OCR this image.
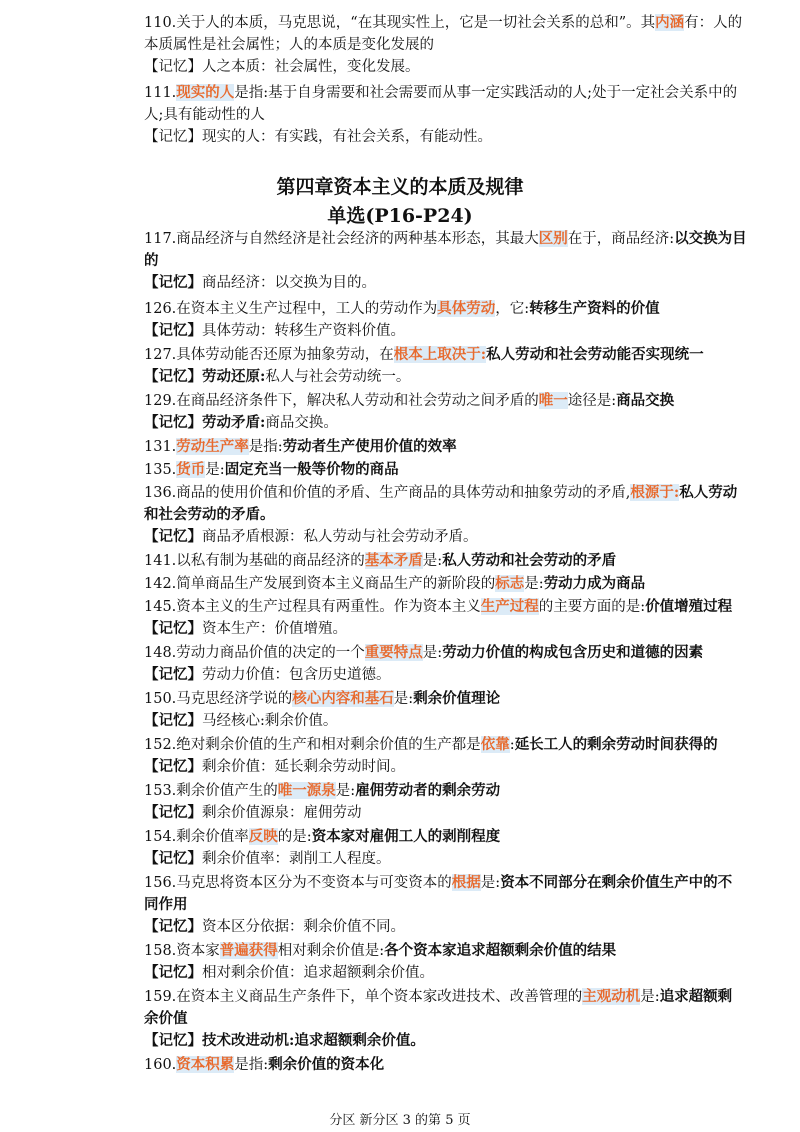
110.关于人的本质，马克思说，“在其现实性上，它是一切社会关系的总和”。其内涵有：人的
本质属性是社会属性；人的本质是变化发展的
【记忆】人之本质：社会属性，变化发展。
111.现实的人是指:基于自身需要和社会需要而从事一定实践活动的人;处于一定社会关系中的
人;具有能动性的人
【记忆】现实的人：有实践，有社会关系，有能动性。
第四章资本主义的本质及规律
单选(P16-P24)
117.商品经济与自然经济是社会经济的两种基本形态，其最大区别在于，商品经济:以交换为目
的
【记忆】商品经济：以交换为目的。
126.在资本主义生产过程中，工人的劳动作为具体劳动，它:转移生产资料的价值
【记忆】具体劳动：转移生产资料价值。
127.具体劳动能否还原为抽象劳动，在根本上取决于:私人劳动和社会劳动能否实现统一
【记忆】劳动还原:私人与社会劳动统一。
129.在商品经济条件下，解决私人劳动和社会劳动之间矛盾的唯一途径是:商品交换
【记忆】劳动矛盾:商品交换。
131.劳动生产率是指:劳动者生产使用价值的效率
135.货币是:固定充当一般等价物的商品
136.商品的使用价值和价值的矛盾、生产商品的具体劳动和抽象劳动的矛盾,根源于:私人劳动
和社会劳动的矛盾。
【记忆】商品矛盾根源：私人劳动与社会劳动矛盾。
141.以私有制为基础的商品经济的基本矛盾是:私人劳动和社会劳动的矛盾
142.简单商品生产发展到资本主义商品生产的新阶段的标志是:劳动力成为商品
145.资本主义的生产过程具有两重性。作为资本主义生产过程的主要方面的是:价值增殖过程
【记忆】资本生产：价值增殖。
148.劳动力商品价值的决定的一个重要特点是:劳动力价值的构成包含历史和道德的因素
【记忆】劳动力价值：包含历史道德。
150.马克思经济学说的核心内容和基石是:剩余价值理论
【记忆】马经核心:剩余价值。
152.绝对剩余价值的生产和相对剩余价值的生产都是依靠:延长工人的剩余劳动时间获得的
【记忆】剩余价值：延长剩余劳动时间。
153.剩余价值产生的唯一源泉是:雇佣劳动者的剩余劳动
【记忆】剩余价值源泉：雇佣劳动
154.剩余价值率反映的是:资本家对雇佣工人的剥削程度
【记忆】剩余价值率：剥削工人程度。
156.马克思将资本区分为不变资本与可变资本的根据是:资本不同部分在剩余价值生产中的不
同作用
【记忆】资本区分依据：剩余价值不同。
158.资本家普遍获得相对剩余价值是:各个资本家追求超额剩余价值的结果
【记忆】相对剩余价值：追求超额剩余价值。
159.在资本主义商品生产条件下，单个资本家改进技术、改善管理的主观动机是:追求超额剩
余价值
【记忆】技术改进动机:追求超额剩余价值。
160.资本积累是指:剩余价值的资本化
分区 新分区 3 的第 5 页
